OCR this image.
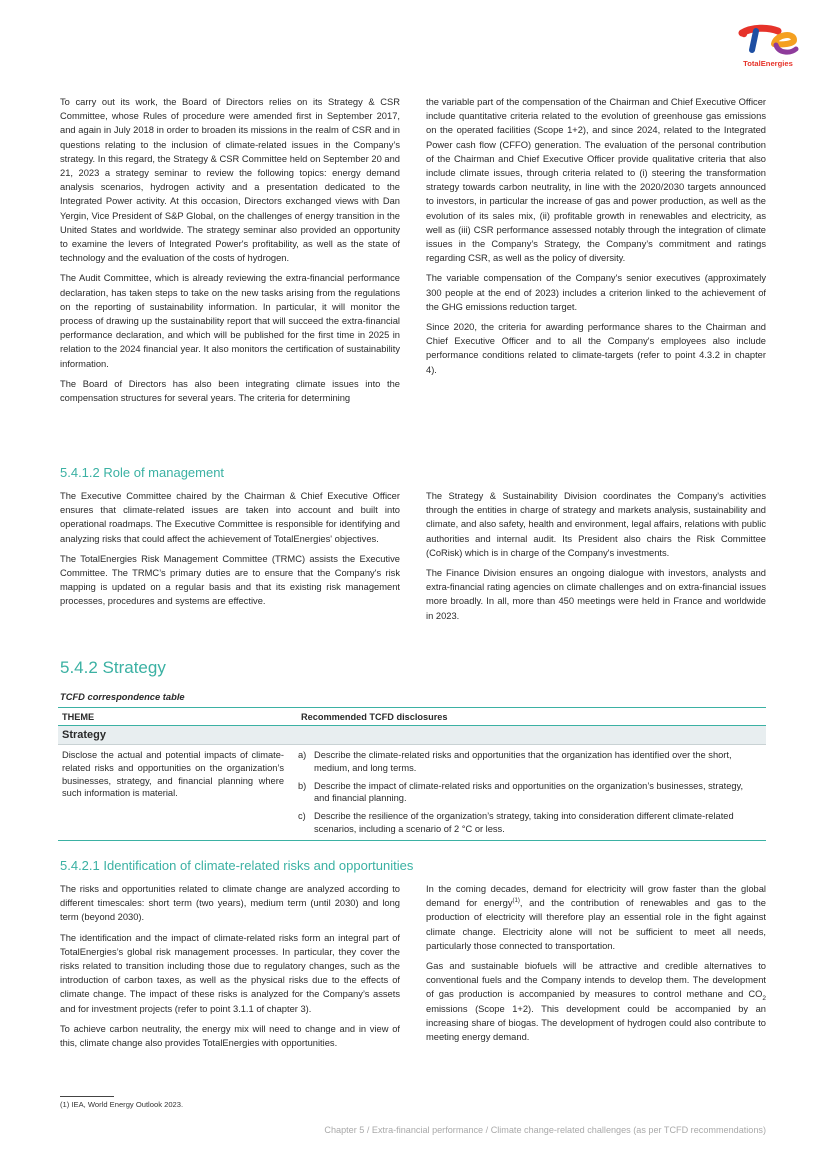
TotalEnergies

To carry out its work, the Board of Directors relies on its Strategy & CSR Committee, whose Rules of procedure were amended first in September 2017, and again in July 2018 in order to broaden its missions in the realm of CSR and in questions relating to the inclusion of climate-related issues in the Company’s strategy. In this regard, the Strategy & CSR Committee held on September 20 and 21, 2023 a strategy seminar to review the following topics: energy demand analysis scenarios, hydrogen activity and a presentation dedicated to the Integrated Power activity. At this occasion, Directors exchanged views with Dan Yergin, Vice President of S&P Global, on the challenges of energy transition in the United States and worldwide. The strategy seminar also provided an opportunity to examine the levers of Integrated Power's profitability, as well as the state of technology and the evaluation of the costs of hydrogen.

The Audit Committee, which is already reviewing the extra-financial performance declaration, has taken steps to take on the new tasks arising from the regulations on the reporting of sustainability information. In particular, it will monitor the process of drawing up the sustainability report that will succeed the extra-financial performance declaration, and which will be published for the first time in 2025 in relation to the 2024 financial year. It also monitors the certification of sustainability information.

The Board of Directors has also been integrating climate issues into the compensation structures for several years. The criteria for determining

the variable part of the compensation of the Chairman and Chief Executive Officer include quantitative criteria related to the evolution of greenhouse gas emissions on the operated facilities (Scope 1+2), and since 2024, related to the Integrated Power cash flow (CFFO) generation. The evaluation of the personal contribution of the Chairman and Chief Executive Officer provide qualitative criteria that also include climate issues, through criteria related to (i) steering the transformation strategy towards carbon neutrality, in line with the 2020/2030 targets announced to investors, in particular the increase of gas and power production, as well as the evolution of its sales mix, (ii) profitable growth in renewables and electricity, as well as (iii) CSR performance assessed notably through the integration of climate issues in the Company’s Strategy, the Company’s commitment and ratings regarding CSR, as well as the policy of diversity.

The variable compensation of the Company's senior executives (approximately 300 people at the end of 2023) includes a criterion linked to the achievement of the GHG emissions reduction target.

Since 2020, the criteria for awarding performance shares to the Chairman and Chief Executive Officer and to all the Company's employees also include performance conditions related to climate-targets (refer to point 4.3.2 in chapter 4).

5.4.1.2 Role of management

The Executive Committee chaired by the Chairman & Chief Executive Officer ensures that climate-related issues are taken into account and built into operational roadmaps. The Executive Committee is responsible for identifying and analyzing risks that could affect the achievement of TotalEnergies' objectives.

The TotalEnergies Risk Management Committee (TRMC) assists the Executive Committee. The TRMC’s primary duties are to ensure that the Company's risk mapping is updated on a regular basis and that its existing risk management processes, procedures and systems are effective.

The Strategy & Sustainability Division coordinates the Company's activities through the entities in charge of strategy and markets analysis, sustainability and climate, and also safety, health and environment, legal affairs, relations with public authorities and internal audit. Its President also chairs the Risk Committee (CoRisk) which is in charge of the Company's investments.

The Finance Division ensures an ongoing dialogue with investors, analysts and extra-financial rating agencies on climate challenges and on extra-financial issues more broadly. In all, more than 450 meetings were held in France and worldwide in 2023.

5.4.2 Strategy
TCFD correspondence table
THEME	Recommended TCFD disclosures
Strategy
Disclose the actual and potential impacts of climate-related risks and opportunities on the organization’s businesses, strategy, and financial planning where such information is material.
a) Describe the climate-related risks and opportunities that the organization has identified over the short, medium, and long terms.
b) Describe the impact of climate-related risks and opportunities on the organization’s businesses, strategy, and financial planning.
c) Describe the resilience of the organization’s strategy, taking into consideration different climate-related scenarios, including a scenario of 2 °C or less.
5.4.2.1 Identification of climate-related risks and opportunities

The risks and opportunities related to climate change are analyzed according to different timescales: short term (two years), medium term (until 2030) and long term (beyond 2030).

The identification and the impact of climate-related risks form an integral part of TotalEnergies’s global risk management processes. In particular, they cover the risks related to transition including those due to regulatory changes, such as the introduction of carbon taxes, as well as the physical risks due to the effects of climate change. The impact of these risks is analyzed for the Company’s assets and for investment projects (refer to point 3.1.1 of chapter 3).

To achieve carbon neutrality, the energy mix will need to change and in view of this, climate change also provides TotalEnergies with opportunities.

In the coming decades, demand for electricity will grow faster than the global demand for energy$^{(1)}$, and the contribution of renewables and gas to the production of electricity will therefore play an essential role in the fight against climate change. Electricity alone will not be sufficient to meet all needs, particularly those connected to transportation.

Gas and sustainable biofuels will be attractive and credible alternatives to conventional fuels and the Company intends to develop them. The development of gas production is accompanied by measures to control methane and $CO_2$ emissions (Scope 1+2). This development could be accompanied by an increasing share of biogas. The development of hydrogen could also contribute to meeting energy demand.

(1) IEA, World Energy Outlook 2023.
Chapter 5 / Extra-financial performance / Climate change-related challenges (as per TCFD recommendations)
